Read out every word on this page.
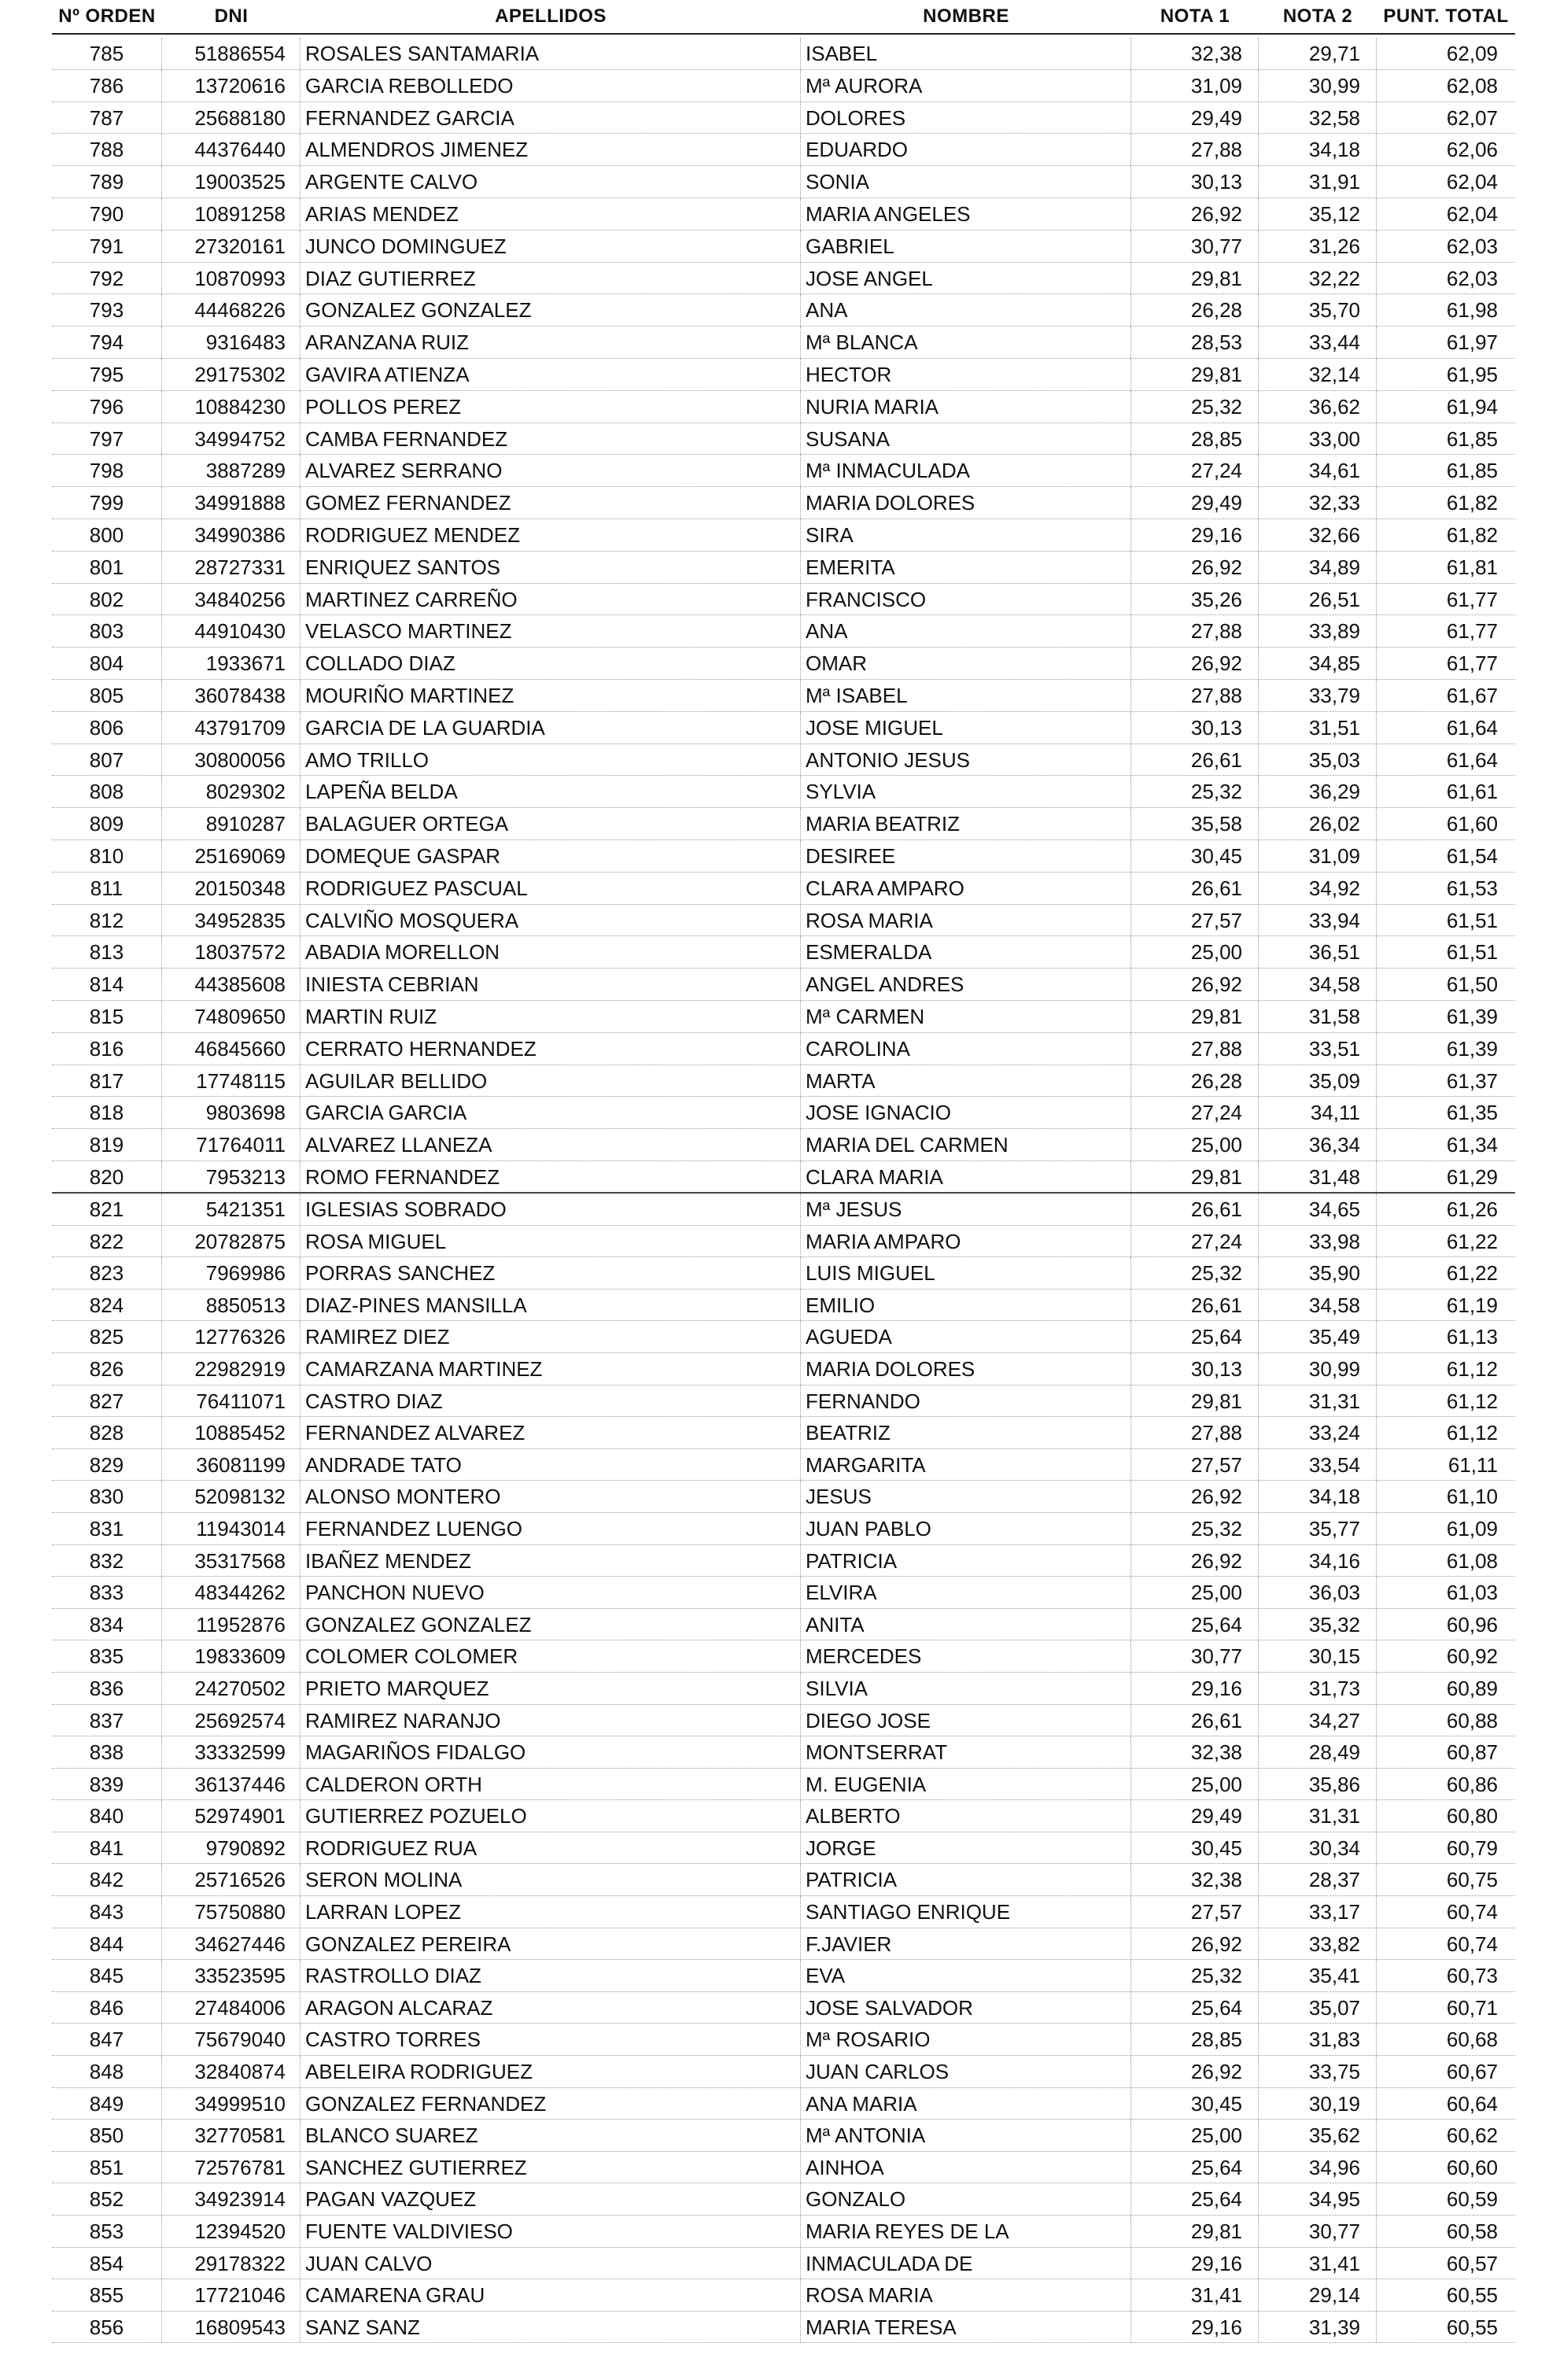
Nº ORDEN	DNI	APELLIDOS	NOMBRE	NOTA 1	NOTA 2	PUNT. TOTAL
785	51886554 ROSALES SANTAMARIA	ISABEL	32,38	29,71	62,09
786	13720616 GARCIA REBOLLEDO	Mª AURORA	31,09	30,99	62,08
787	25688180 FERNANDEZ GARCIA	DOLORES	29,49	32,58	62,07
788	44376440 ALMENDROS JIMENEZ	EDUARDO	27,88	34,18	62,06
789	19003525 ARGENTE CALVO	SONIA	30,13	31,91	62,04
790	10891258 ARIAS MENDEZ	MARIA ANGELES	26,92	35,12	62,04
791	27320161 JUNCO DOMINGUEZ	GABRIEL	30,77	31,26	62,03
792	10870993 DIAZ GUTIERREZ	JOSE ANGEL	29,81	32,22	62,03
793	44468226 GONZALEZ GONZALEZ	ANA	26,28	35,70	61,98
794	9316483 ARANZANA RUIZ	Mª BLANCA	28,53	33,44	61,97
795	29175302 GAVIRA ATIENZA	HECTOR	29,81	32,14	61,95
796	10884230 POLLOS PEREZ	NURIA MARIA	25,32	36,62	61,94
797	34994752 CAMBA FERNANDEZ	SUSANA	28,85	33,00	61,85
798	3887289 ALVAREZ SERRANO	Mª INMACULADA	27,24	34,61	61,85
799	34991888 GOMEZ FERNANDEZ	MARIA DOLORES	29,49	32,33	61,82
800	34990386 RODRIGUEZ MENDEZ	SIRA	29,16	32,66	61,82
801	28727331 ENRIQUEZ SANTOS	EMERITA	26,92	34,89	61,81
802	34840256 MARTINEZ CARREÑO	FRANCISCO	35,26	26,51	61,77
803	44910430 VELASCO MARTINEZ	ANA	27,88	33,89	61,77
804	1933671 COLLADO DIAZ	OMAR	26,92	34,85	61,77
805	36078438 MOURIÑO MARTINEZ	Mª ISABEL	27,88	33,79	61,67
806	43791709 GARCIA DE LA GUARDIA	JOSE MIGUEL	30,13	31,51	61,64
807	30800056 AMO TRILLO	ANTONIO JESUS	26,61	35,03	61,64
808	8029302 LAPEÑA BELDA	SYLVIA	25,32	36,29	61,61
809	8910287 BALAGUER ORTEGA	MARIA BEATRIZ	35,58	26,02	61,60
810	25169069 DOMEQUE GASPAR	DESIREE	30,45	31,09	61,54
811	20150348 RODRIGUEZ PASCUAL	CLARA AMPARO	26,61	34,92	61,53
812	34952835 CALVIÑO MOSQUERA	ROSA MARIA	27,57	33,94	61,51
813	18037572 ABADIA MORELLON	ESMERALDA	25,00	36,51	61,51
814	44385608 INIESTA CEBRIAN	ANGEL ANDRES	26,92	34,58	61,50
815	74809650 MARTIN RUIZ	Mª CARMEN	29,81	31,58	61,39
816	46845660 CERRATO HERNANDEZ	CAROLINA	27,88	33,51	61,39
817	17748115 AGUILAR BELLIDO	MARTA	26,28	35,09	61,37
818	9803698 GARCIA GARCIA	JOSE IGNACIO	27,24	34,11	61,35
819	71764011 ALVAREZ LLANEZA	MARIA DEL CARMEN	25,00	36,34	61,34
820	7953213 ROMO FERNANDEZ	CLARA MARIA	29,81	31,48	61,29
821	5421351 IGLESIAS SOBRADO	Mª JESUS	26,61	34,65	61,26
822	20782875 ROSA MIGUEL	MARIA AMPARO	27,24	33,98	61,22
823	7969986 PORRAS SANCHEZ	LUIS MIGUEL	25,32	35,90	61,22
824	8850513 DIAZ-PINES MANSILLA	EMILIO	26,61	34,58	61,19
825	12776326 RAMIREZ DIEZ	AGUEDA	25,64	35,49	61,13
826	22982919 CAMARZANA MARTINEZ	MARIA DOLORES	30,13	30,99	61,12
827	76411071 CASTRO DIAZ	FERNANDO	29,81	31,31	61,12
828	10885452 FERNANDEZ ALVAREZ	BEATRIZ	27,88	33,24	61,12
829	36081199 ANDRADE TATO	MARGARITA	27,57	33,54	61,11
830	52098132 ALONSO MONTERO	JESUS	26,92	34,18	61,10
831	11943014 FERNANDEZ LUENGO	JUAN PABLO	25,32	35,77	61,09
832	35317568 IBAÑEZ MENDEZ	PATRICIA	26,92	34,16	61,08
833	48344262 PANCHON NUEVO	ELVIRA	25,00	36,03	61,03
834	11952876 GONZALEZ GONZALEZ	ANITA	25,64	35,32	60,96
835	19833609 COLOMER COLOMER	MERCEDES	30,77	30,15	60,92
836	24270502 PRIETO MARQUEZ	SILVIA	29,16	31,73	60,89
837	25692574 RAMIREZ NARANJO	DIEGO JOSE	26,61	34,27	60,88
838	33332599 MAGARIÑOS FIDALGO	MONTSERRAT	32,38	28,49	60,87
839	36137446 CALDERON ORTH	M. EUGENIA	25,00	35,86	60,86
840	52974901 GUTIERREZ POZUELO	ALBERTO	29,49	31,31	60,80
841	9790892 RODRIGUEZ RUA	JORGE	30,45	30,34	60,79
842	25716526 SERON MOLINA	PATRICIA	32,38	28,37	60,75
843	75750880 LARRAN LOPEZ	SANTIAGO ENRIQUE	27,57	33,17	60,74
844	34627446 GONZALEZ PEREIRA	F.JAVIER	26,92	33,82	60,74
845	33523595 RASTROLLO DIAZ	EVA	25,32	35,41	60,73
846	27484006 ARAGON ALCARAZ	JOSE SALVADOR	25,64	35,07	60,71
847	75679040 CASTRO TORRES	Mª ROSARIO	28,85	31,83	60,68
848	32840874 ABELEIRA RODRIGUEZ	JUAN CARLOS	26,92	33,75	60,67
849	34999510 GONZALEZ FERNANDEZ	ANA MARIA	30,45	30,19	60,64
850	32770581 BLANCO SUAREZ	Mª ANTONIA	25,00	35,62	60,62
851	72576781 SANCHEZ GUTIERREZ	AINHOA	25,64	34,96	60,60
852	34923914 PAGAN VAZQUEZ	GONZALO	25,64	34,95	60,59
853	12394520 FUENTE VALDIVIESO	MARIA REYES DE LA	29,81	30,77	60,58
854	29178322 JUAN CALVO	INMACULADA DE	29,16	31,41	60,57
855	17721046 CAMARENA GRAU	ROSA MARIA	31,41	29,14	60,55
856	16809543 SANZ SANZ	MARIA TERESA	29,16	31,39	60,55
